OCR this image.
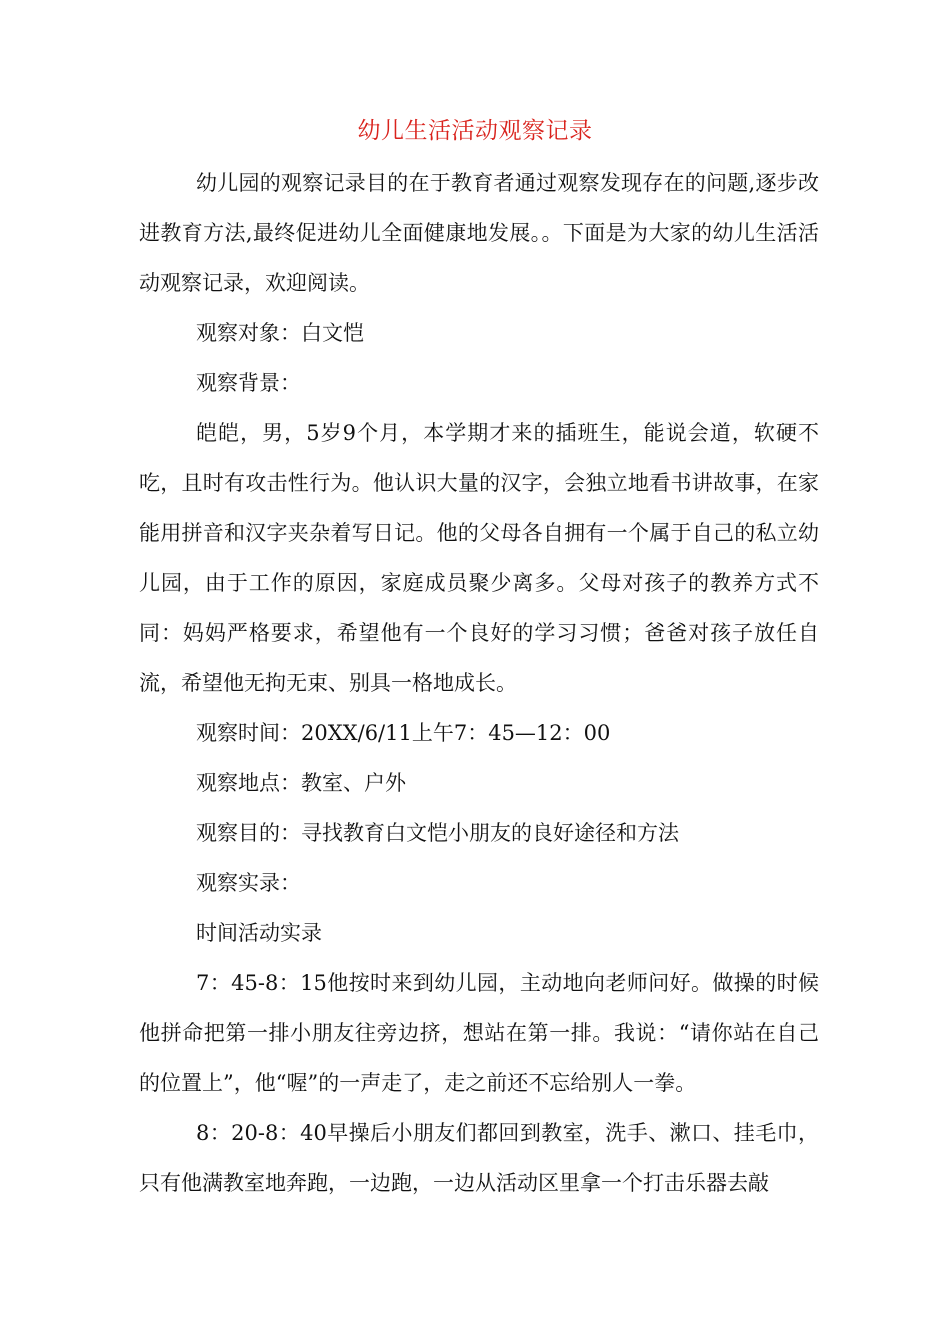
幼儿生活活动观察记录

幼儿园的观察记录目的在于教育者通过观察发现存在的问题,逐步改进教育方法,最终促进幼儿全面健康地发展。。下面是为大家的幼儿生活活动观察记录，欢迎阅读。

观察对象：白文恺

观察背景：

皑皑，男，5岁9个月，本学期才来的插班生，能说会道，软硬不吃，且时有攻击性行为。他认识大量的汉字，会独立地看书讲故事，在家能用拼音和汉字夹杂着写日记。他的父母各自拥有一个属于自己的私立幼儿园，由于工作的原因，家庭成员聚少离多。父母对孩子的教养方式不同：妈妈严格要求，希望他有一个良好的学习习惯；爸爸对孩子放任自流，希望他无拘无束、别具一格地成长。

观察时间：20XX/6/11上午7：45—12：00

观察地点：教室、户外

观察目的：寻找教育白文恺小朋友的良好途径和方法

观察实录：

时间活动实录

7：45-8：15他按时来到幼儿园，主动地向老师问好。做操的时候他拼命把第一排小朋友往旁边挤，想站在第一排。我说：“请你站在自己的位置上”，他“喔”的一声走了，走之前还不忘给别人一拳。

8：20-8：40早操后小朋友们都回到教室，洗手、漱口、挂毛巾，只有他满教室地奔跑，一边跑，一边从活动区里拿一个打击乐器去敲
